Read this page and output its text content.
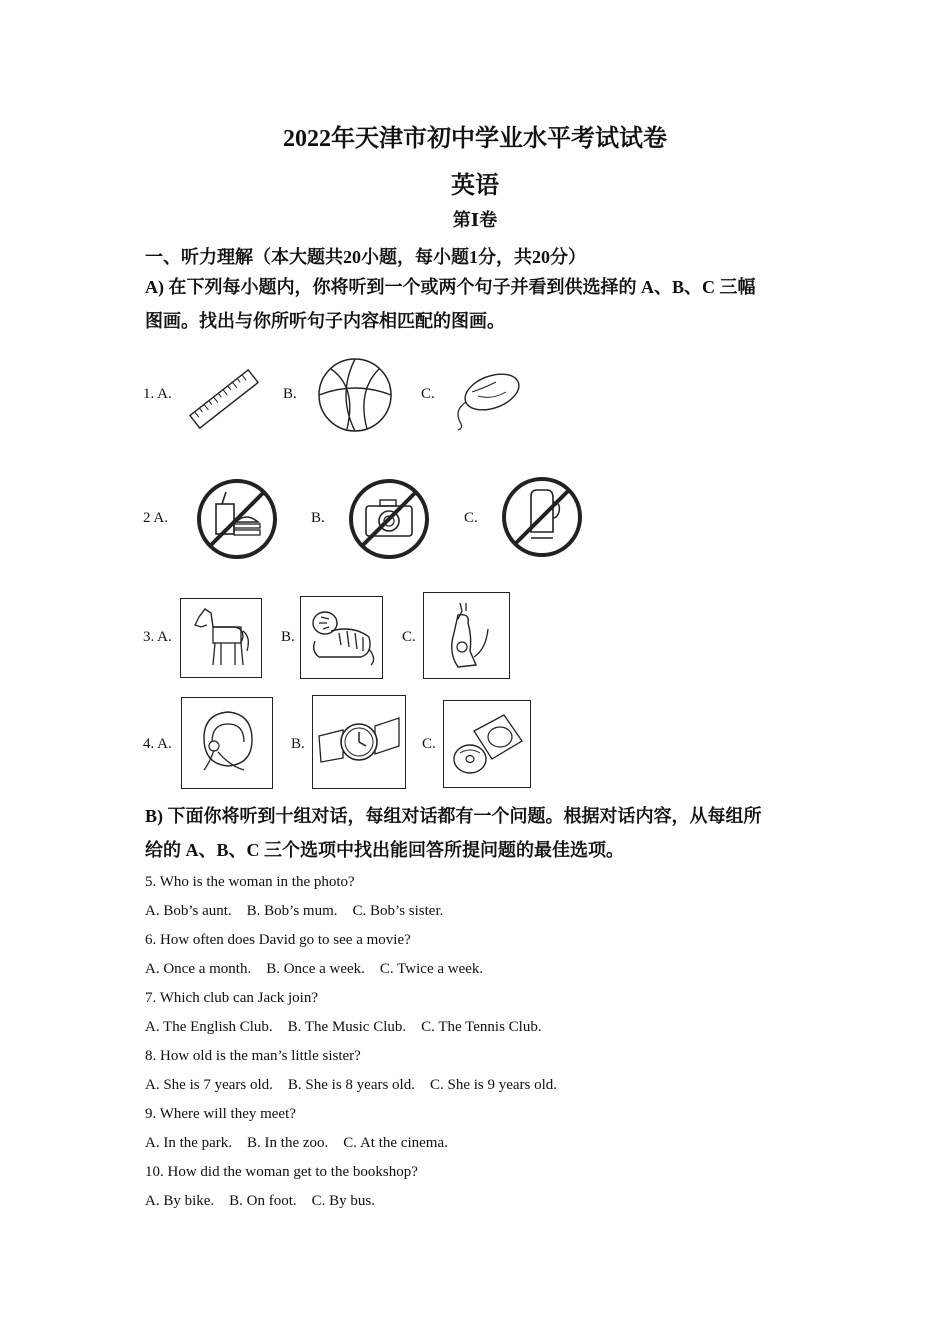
2022年天津市初中学业水平考试试卷
英语
第Ⅰ卷
一、听力理解（本大题共20小题，每小题1分，共20分）
A) 在下列每小题内，你将听到一个或两个句子并看到供选择的 A、B、C 三幅
图画。找出与你所听句子内容相匹配的图画。
1. A.	B.	C.
2 A.	B.	C.
3. A.	B.	C.
4. A.	B.	C.
B) 下面你将听到十组对话，每组对话都有一个问题。根据对话内容，从每组所
给的 A、B、C 三个选项中找出能回答所提问题的最佳选项。
5. Who is the woman in the photo?
A. Bob’s aunt.    B. Bob’s mum.    C. Bob’s sister.
6. How often does David go to see a movie?
A. Once a month.    B. Once a week.    C. Twice a week.
7. Which club can Jack join?
A. The English Club.    B. The Music Club.    C. The Tennis Club.
8. How old is the man’s little sister?
A. She is 7 years old.    B. She is 8 years old.    C. She is 9 years old.
9. Where will they meet?
A. In the park.    B. In the zoo.    C. At the cinema.
10. How did the woman get to the bookshop?
A. By bike.    B. On foot.    C. By bus.
